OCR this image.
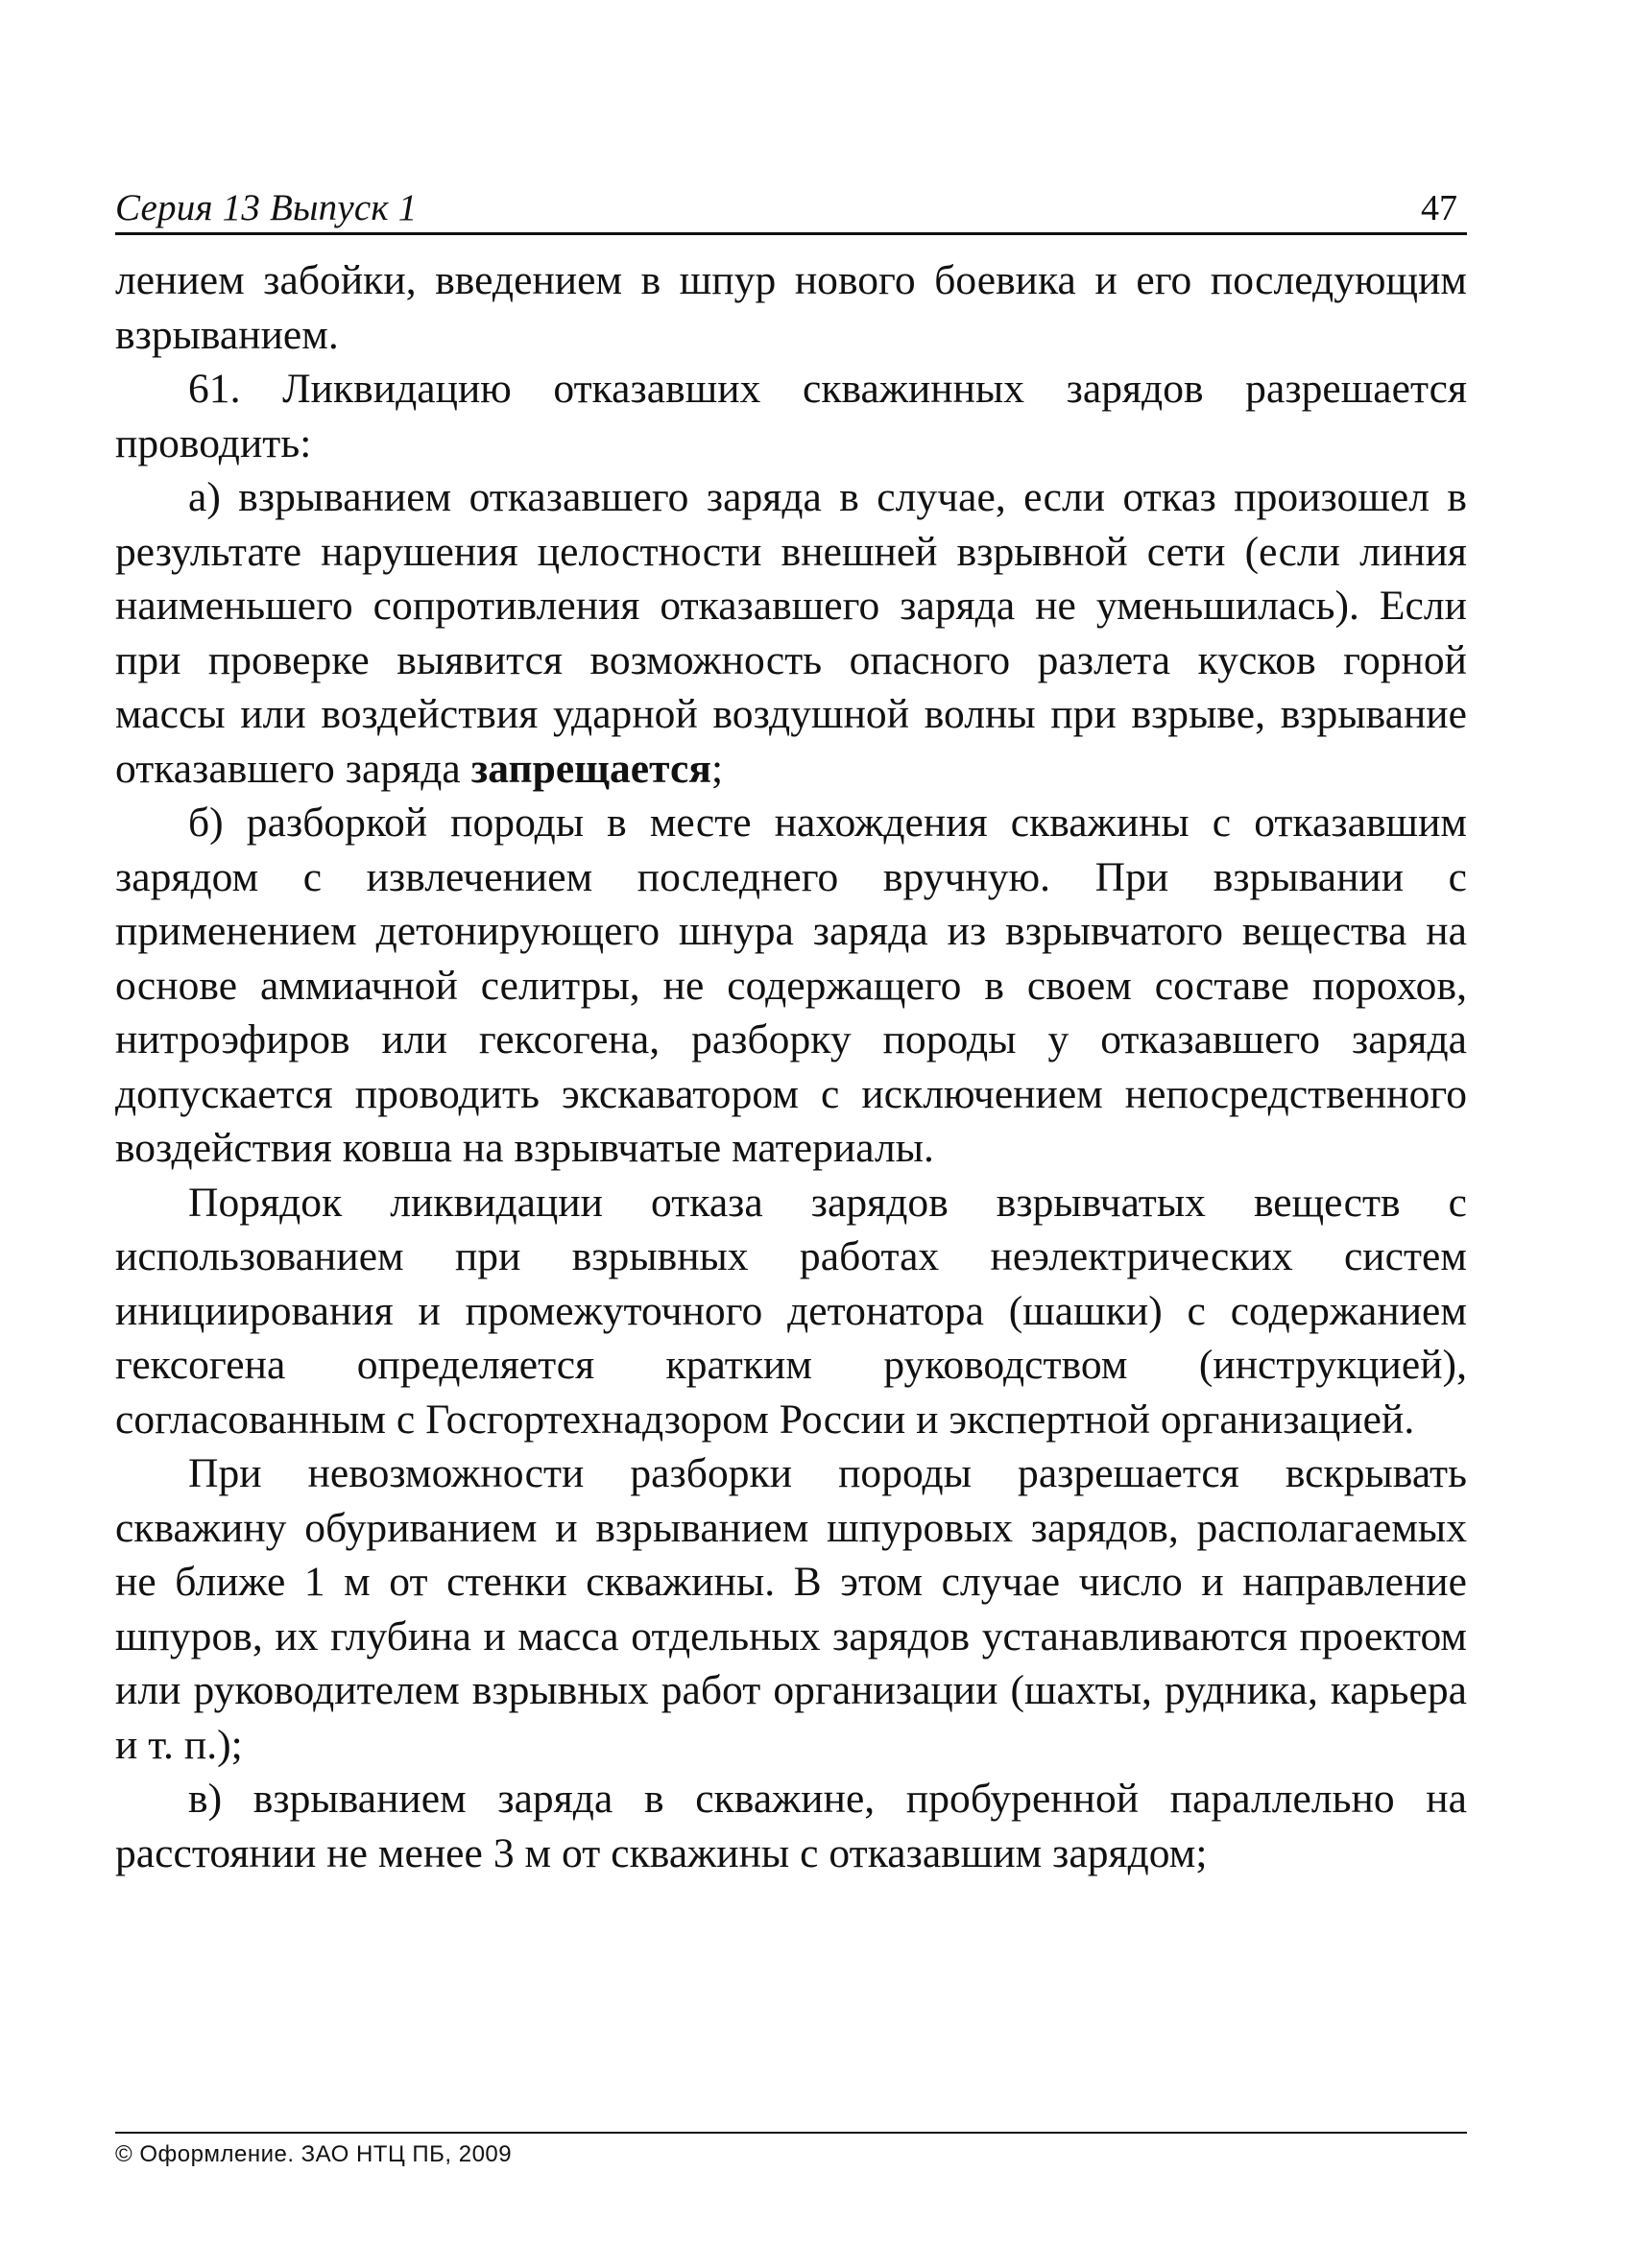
Серия 13 Выпуск 1	47

лением забойки, введением в шпур нового боевика и его последующим взрыванием.

61. Ликвидацию отказавших скважинных зарядов разрешается проводить:

а) взрыванием отказавшего заряда в случае, если отказ произошел в результате нарушения целостности внешней взрывной сети (если линия наименьшего сопротивления отказавшего заряда не уменьшилась). Если при проверке выявится возможность опасного разлета кусков горной массы или воздействия ударной воздушной волны при взрыве, взрывание отказавшего заряда запрещается;

б) разборкой породы в месте нахождения скважины с отказавшим зарядом с извлечением последнего вручную. При взрывании с применением детонирующего шнура заряда из взрывчатого вещества на основе аммиачной селитры, не содержащего в своем составе порохов, нитроэфиров или гексогена, разборку породы у отказавшего заряда допускается проводить экскаватором с исключением непосредственного воздействия ковша на взрывчатые материалы.

Порядок ликвидации отказа зарядов взрывчатых веществ с использованием при взрывных работах неэлектрических систем инициирования и промежуточного детонатора (шашки) с содержанием гексогена определяется кратким руководством (инструкцией), согласованным с Госгортехнадзором России и экспертной организацией.

При невозможности разборки породы разрешается вскрывать скважину обуриванием и взрыванием шпуровых зарядов, располагаемых не ближе 1 м от стенки скважины. В этом случае число и направление шпуров, их глубина и масса отдельных зарядов устанавливаются проектом или руководителем взрывных работ организации (шахты, рудника, карьера и т. п.);

в) взрыванием заряда в скважине, пробуренной параллельно на расстоянии не менее 3 м от скважины с отказавшим зарядом;

© Оформление. ЗАО НТЦ ПБ, 2009
